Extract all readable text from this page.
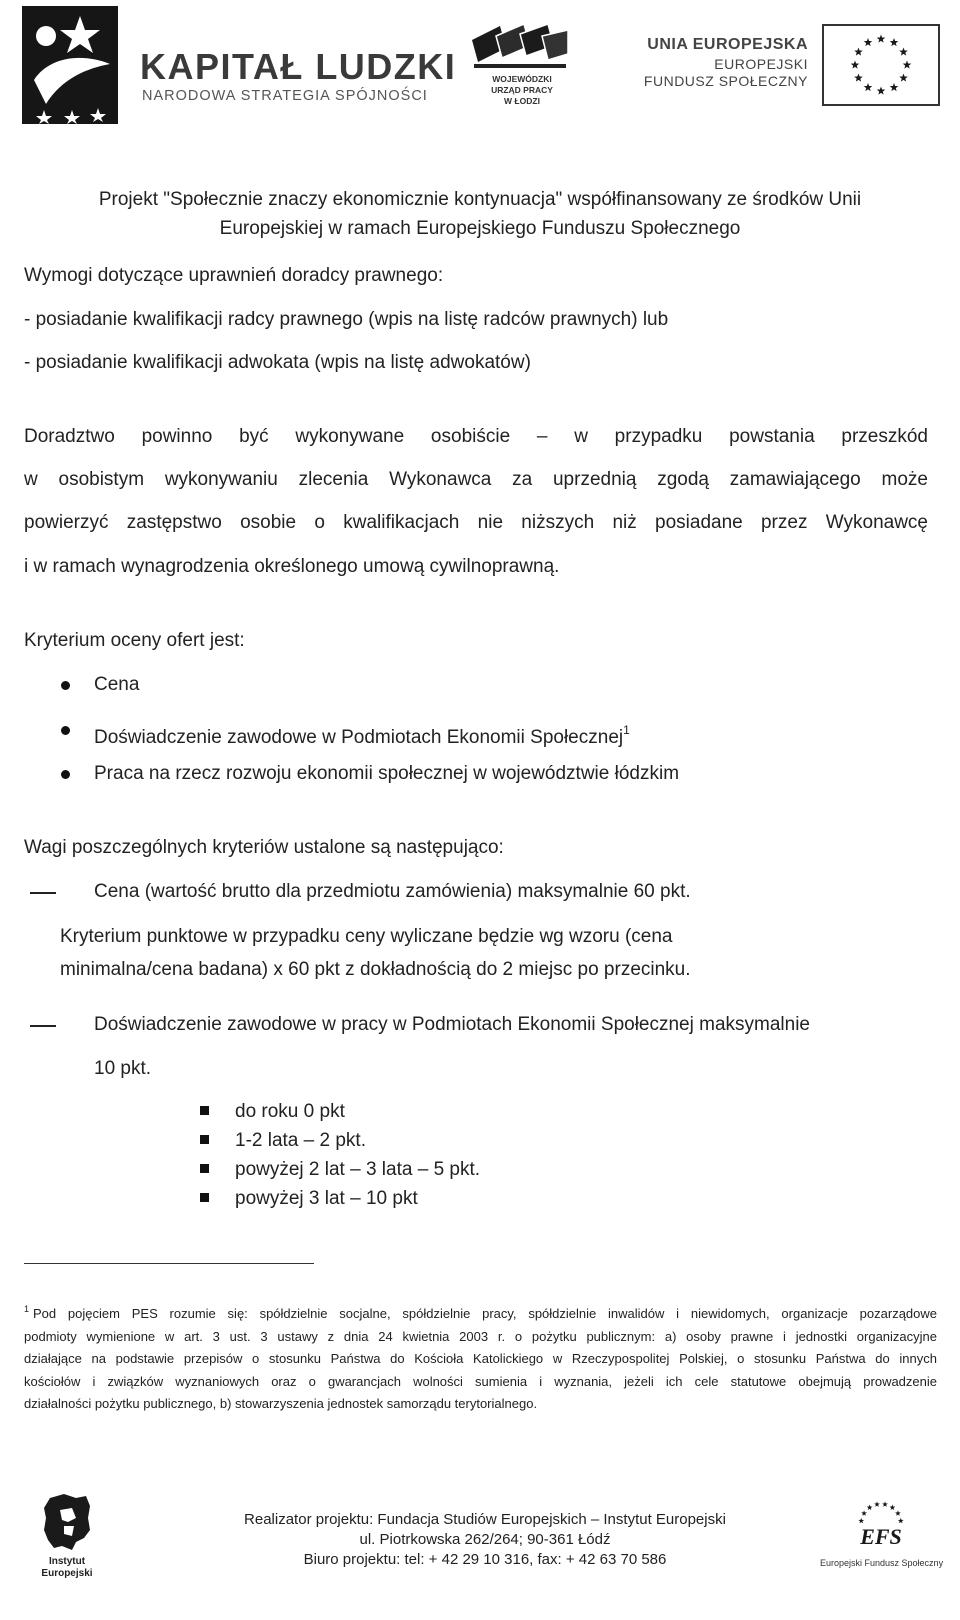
KAPITAŁ LUDZKI
NARODOWA STRATEGIA SPÓJNOŚCI
WOJEWÓDZKI
URZĄD PRACY
W ŁODZI
UNIA EUROPEJSKA
EUROPEJSKI
FUNDUSZ SPOŁECZNY
Projekt "Społecznie znaczy ekonomicznie kontynuacja" współfinansowany ze środków Unii
Europejskiej w ramach Europejskiego Funduszu Społecznego
Wymogi dotyczące uprawnień doradcy prawnego:
- posiadanie kwalifikacji radcy prawnego (wpis na listę radców prawnych) lub
- posiadanie kwalifikacji adwokata (wpis na listę adwokatów)
Doradztwo powinno być wykonywane osobiście – w przypadku powstania przeszkód
w osobistym wykonywaniu zlecenia Wykonawca za uprzednią zgodą zamawiającego może
powierzyć zastępstwo osobie o kwalifikacjach nie niższych niż posiadane przez Wykonawcę
i w ramach wynagrodzenia określonego umową cywilnoprawną.
Kryterium oceny ofert jest:
Cena
Doświadczenie zawodowe w Podmiotach Ekonomii Społecznej$^1$
Praca na rzecz rozwoju ekonomii społecznej w województwie łódzkim
Wagi poszczególnych kryteriów ustalone są następująco:
Cena (wartość brutto dla przedmiotu zamówienia) maksymalnie 60 pkt.
Kryterium punktowe w przypadku ceny wyliczane będzie wg wzoru (cena
minimalna/cena badana) x 60 pkt z dokładnością do 2 miejsc po przecinku.
Doświadczenie zawodowe w pracy w Podmiotach Ekonomii Społecznej maksymalnie
10 pkt.
do roku 0 pkt
1-2 lata – 2 pkt.
powyżej 2 lat – 3 lata – 5 pkt.
powyżej 3 lat – 10 pkt
$^1$ Pod pojęciem PES rozumie się: spółdzielnie socjalne, spółdzielnie pracy, spółdzielnie inwalidów i niewidomych, organizacje pozarządowe
podmioty wymienione w art. 3 ust. 3 ustawy z dnia 24 kwietnia 2003 r. o pożytku publicznym: a) osoby prawne i jednostki organizacyjne
działające na podstawie przepisów o stosunku Państwa do Kościoła Katolickiego w Rzeczypospolitej Polskiej, o stosunku Państwa do innych
kościołów i związków wyznaniowych oraz o gwarancjach wolności sumienia i wyznania, jeżeli ich cele statutowe obejmują prowadzenie
działalności pożytku publicznego, b) stowarzyszenia jednostek samorządu terytorialnego.
Instytut
Europejski
Realizator projektu: Fundacja Studiów Europejskich – Instytut Europejski
ul. Piotrkowska 262/264; 90-361 Łódź
Biuro projektu: tel: + 42 29 10 316, fax: + 42 63 70 586
EFS
Europejski Fundusz Społeczny
